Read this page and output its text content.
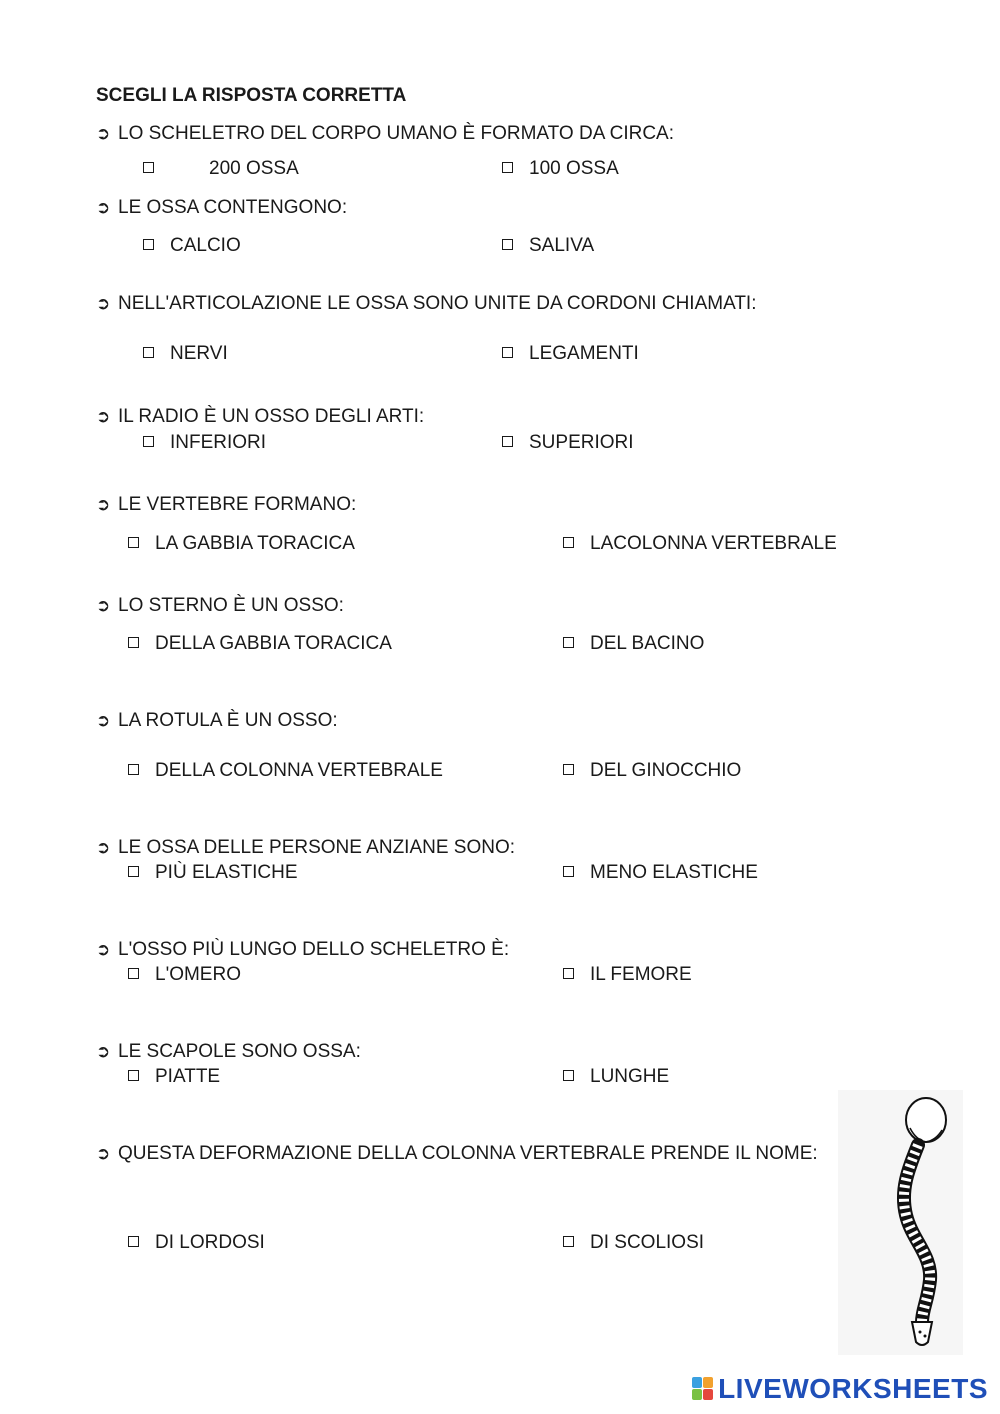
SCEGLI LA RISPOSTA CORRETTA
➲ LO SCHELETRO DEL CORPO UMANO È FORMATO DA CIRCA:
200 OSSA	100 OSSA
➲ LE OSSA CONTENGONO:
CALCIO	SALIVA
➲ NELL'ARTICOLAZIONE LE OSSA SONO UNITE DA CORDONI CHIAMATI:
NERVI	LEGAMENTI
➲ IL RADIO È UN OSSO DEGLI ARTI:
INFERIORI	SUPERIORI
➲ LE VERTEBRE FORMANO:
LA GABBIA TORACICA	LACOLONNA VERTEBRALE
➲ LO STERNO È UN OSSO:
DELLA GABBIA TORACICA	DEL BACINO
➲ LA ROTULA È UN OSSO:
DELLA COLONNA VERTEBRALE	DEL GINOCCHIO
➲ LE OSSA DELLE PERSONE ANZIANE SONO:
PIÙ ELASTICHE	MENO ELASTICHE
➲ L'OSSO PIÙ LUNGO DELLO SCHELETRO È:
L'OMERO	IL FEMORE
➲ LE SCAPOLE SONO OSSA:
PIATTE	LUNGHE
➲ QUESTA DEFORMAZIONE DELLA COLONNA VERTEBRALE PRENDE IL NOME:
DI LORDOSI	DI SCOLIOSI
LIVEWORKSHEETS
